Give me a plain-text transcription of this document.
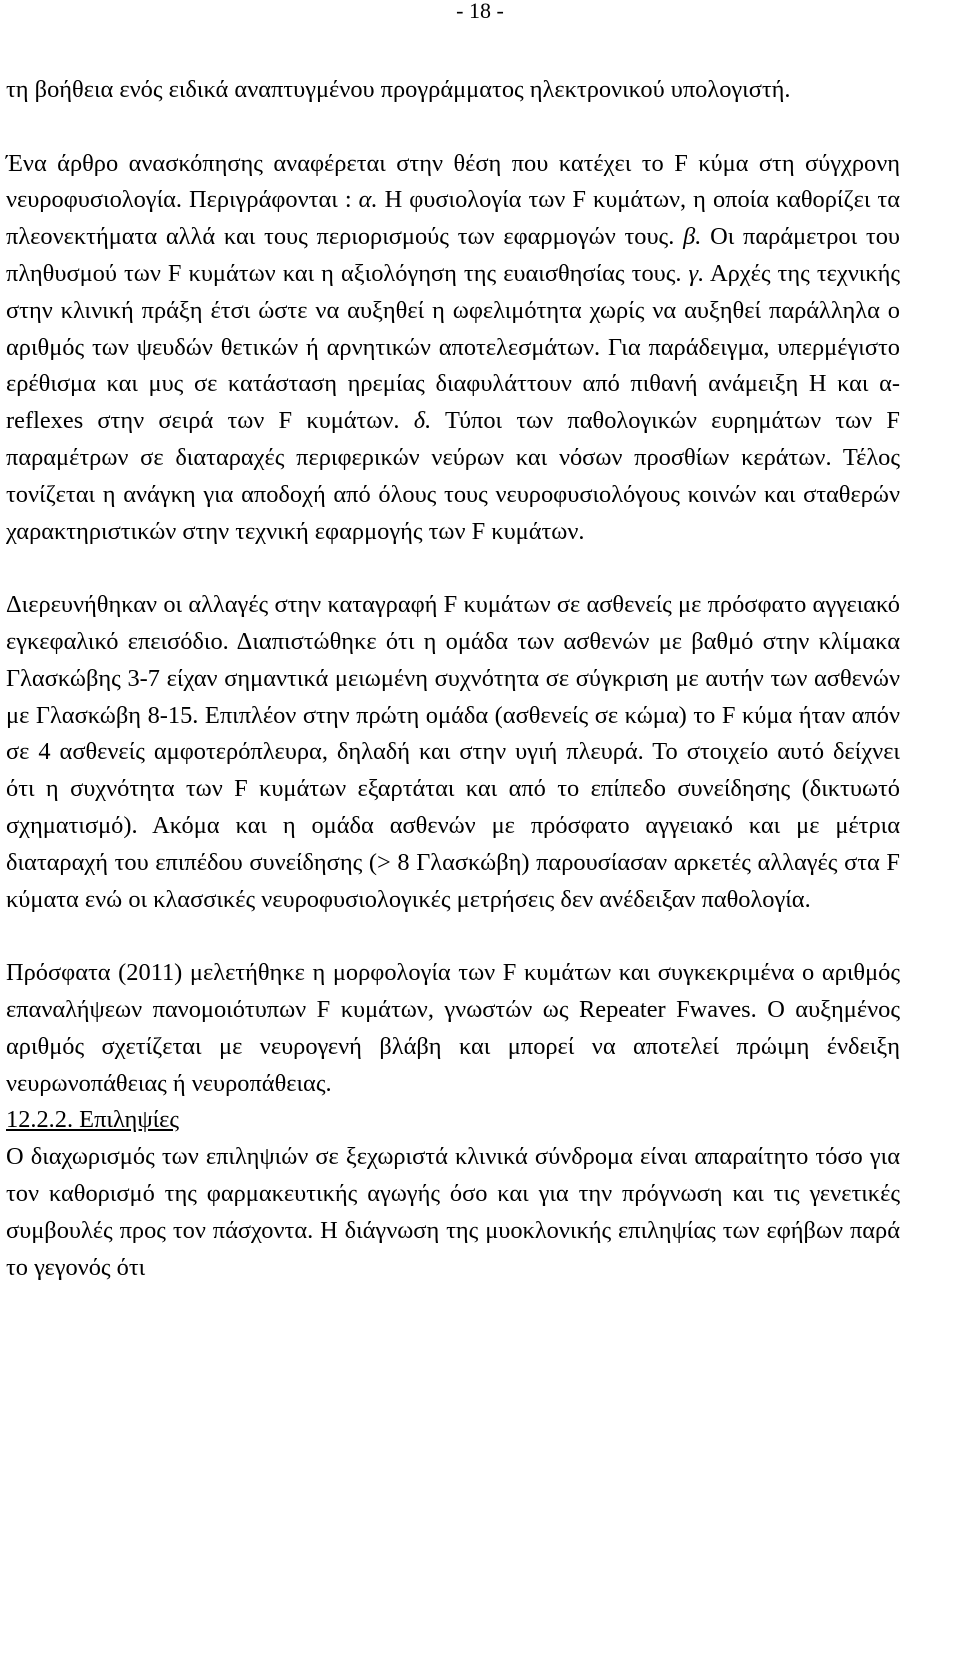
- 18 -

τη βοήθεια ενός ειδικά αναπτυγμένου προγράμματος ηλεκτρονικού υπολογιστή.

Ένα άρθρο ανασκόπησης αναφέρεται στην θέση που κατέχει το F κύμα στη σύγχρονη νευροφυσιολογία. Περιγράφονται : α. Η φυσιολογία των F κυμάτων, η οποία καθορίζει τα πλεονεκτήματα αλλά και τους περιορισμούς των εφαρμογών τους. β. Οι παράμετροι του πληθυσμού των F κυμάτων και η αξιολόγηση της ευαισθησίας τους. γ. Αρχές της τεχνικής στην κλινική πράξη έτσι ώστε να αυξηθεί η ωφελιμότητα χωρίς να αυξηθεί παράλληλα ο αριθμός των ψευδών θετικών ή αρνητικών αποτελεσμάτων. Για παράδειγμα, υπερμέγιστο ερέθισμα και μυς σε κατάσταση ηρεμίας διαφυλάττουν από πιθανή ανάμειξη Η και α-reflexes στην σειρά των F κυμάτων. δ. Τύποι των παθολογικών ευρημάτων των F παραμέτρων σε διαταραχές περιφερικών νεύρων και νόσων προσθίων κεράτων. Τέλος τονίζεται η ανάγκη για αποδοχή από όλους τους νευροφυσιολόγους κοινών και σταθερών χαρακτηριστικών στην τεχνική εφαρμογής των F κυμάτων.

Διερευνήθηκαν οι αλλαγές στην καταγραφή F κυμάτων σε ασθενείς με πρόσφατο αγγειακό εγκεφαλικό επεισόδιο. Διαπιστώθηκε ότι η ομάδα των ασθενών με βαθμό στην κλίμακα Γλασκώβης 3-7 είχαν σημαντικά μειωμένη συχνότητα σε σύγκριση με αυτήν των ασθενών με Γλασκώβη 8-15. Επιπλέον στην πρώτη ομάδα (ασθενείς σε κώμα) το F κύμα ήταν απόν σε 4 ασθενείς αμφοτερόπλευρα, δηλαδή και στην υγιή πλευρά. Το στοιχείο αυτό δείχνει ότι η συχνότητα των F κυμάτων εξαρτάται και από το επίπεδο συνείδησης (δικτυωτό σχηματισμό). Ακόμα και η ομάδα ασθενών με πρόσφατο αγγειακό και με μέτρια διαταραχή του επιπέδου συνείδησης (> 8 Γλασκώβη) παρουσίασαν αρκετές αλλαγές στα F κύματα ενώ οι κλασσικές νευροφυσιολογικές μετρήσεις δεν ανέδειξαν παθολογία.

Πρόσφατα (2011) μελετήθηκε η μορφολογία των F κυμάτων και συγκεκριμένα ο αριθμός επαναλήψεων πανομοιότυπων F κυμάτων, γνωστών ως Repeater Fwaves. Ο αυξημένος αριθμός σχετίζεται με νευρογενή βλάβη και μπορεί να αποτελεί πρώιμη ένδειξη νευρωνοπάθειας ή νευροπάθειας.

12.2.2. Επιληψίες

Ο διαχωρισμός των επιληψιών σε ξεχωριστά κλινικά σύνδρομα είναι απαραίτητο τόσο για τον καθορισμό της φαρμακευτικής αγωγής όσο και για την πρόγνωση και τις γενετικές συμβουλές προς τον πάσχοντα. Η διάγνωση της μυοκλονικής επιληψίας των εφήβων παρά το γεγονός ότι
